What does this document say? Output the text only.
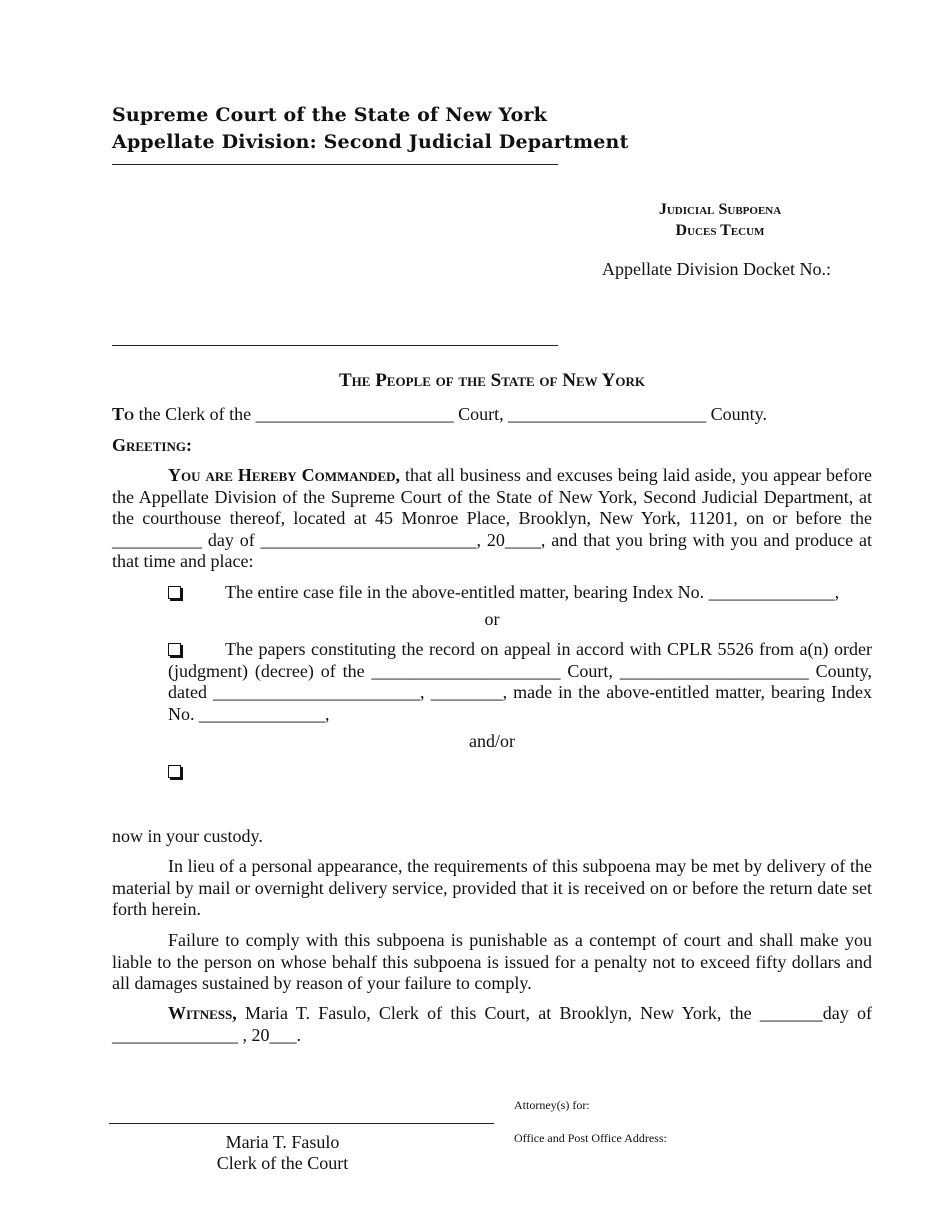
Supreme Court of the State of New York
Appellate Division: Second Judicial Department
Judicial Subpoena
Duces Tecum
Appellate Division Docket No.:
The People of the State of New York
To the Clerk of the ______________________ Court, ______________________ County.
Greeting:
You are Hereby Commanded, that all business and excuses being laid aside, you appear before the Appellate Division of the Supreme Court of the State of New York, Second Judicial Department, at the courthouse thereof, located at 45 Monroe Place, Brooklyn, New York, 11201, on or before the __________ day of ________________________, 20____, and that you bring with you and produce at that time and place:
The entire case file in the above-entitled matter, bearing Index No. ______________,
or
The papers constituting the record on appeal in accord with CPLR 5526 from a(n) order (judgment) (decree) of the _____________________ Court, _____________________ County, dated _______________________, ________, made in the above-entitled matter, bearing Index No. ______________,
and/or
now in your custody.
In lieu of a personal appearance, the requirements of this subpoena may be met by delivery of the material by mail or overnight delivery service, provided that it is received on or before the return date set forth herein.
Failure to comply with this subpoena is punishable as a contempt of court and shall make you liable to the person on whose behalf this subpoena is issued for a penalty not to exceed fifty dollars and all damages sustained by reason of your failure to comply.
Witness, Maria T. Fasulo, Clerk of this Court, at Brooklyn, New York, the _______day of ______________ , 20___.
Maria T. Fasulo
Clerk of the Court
Attorney(s) for:
Office and Post Office Address:
